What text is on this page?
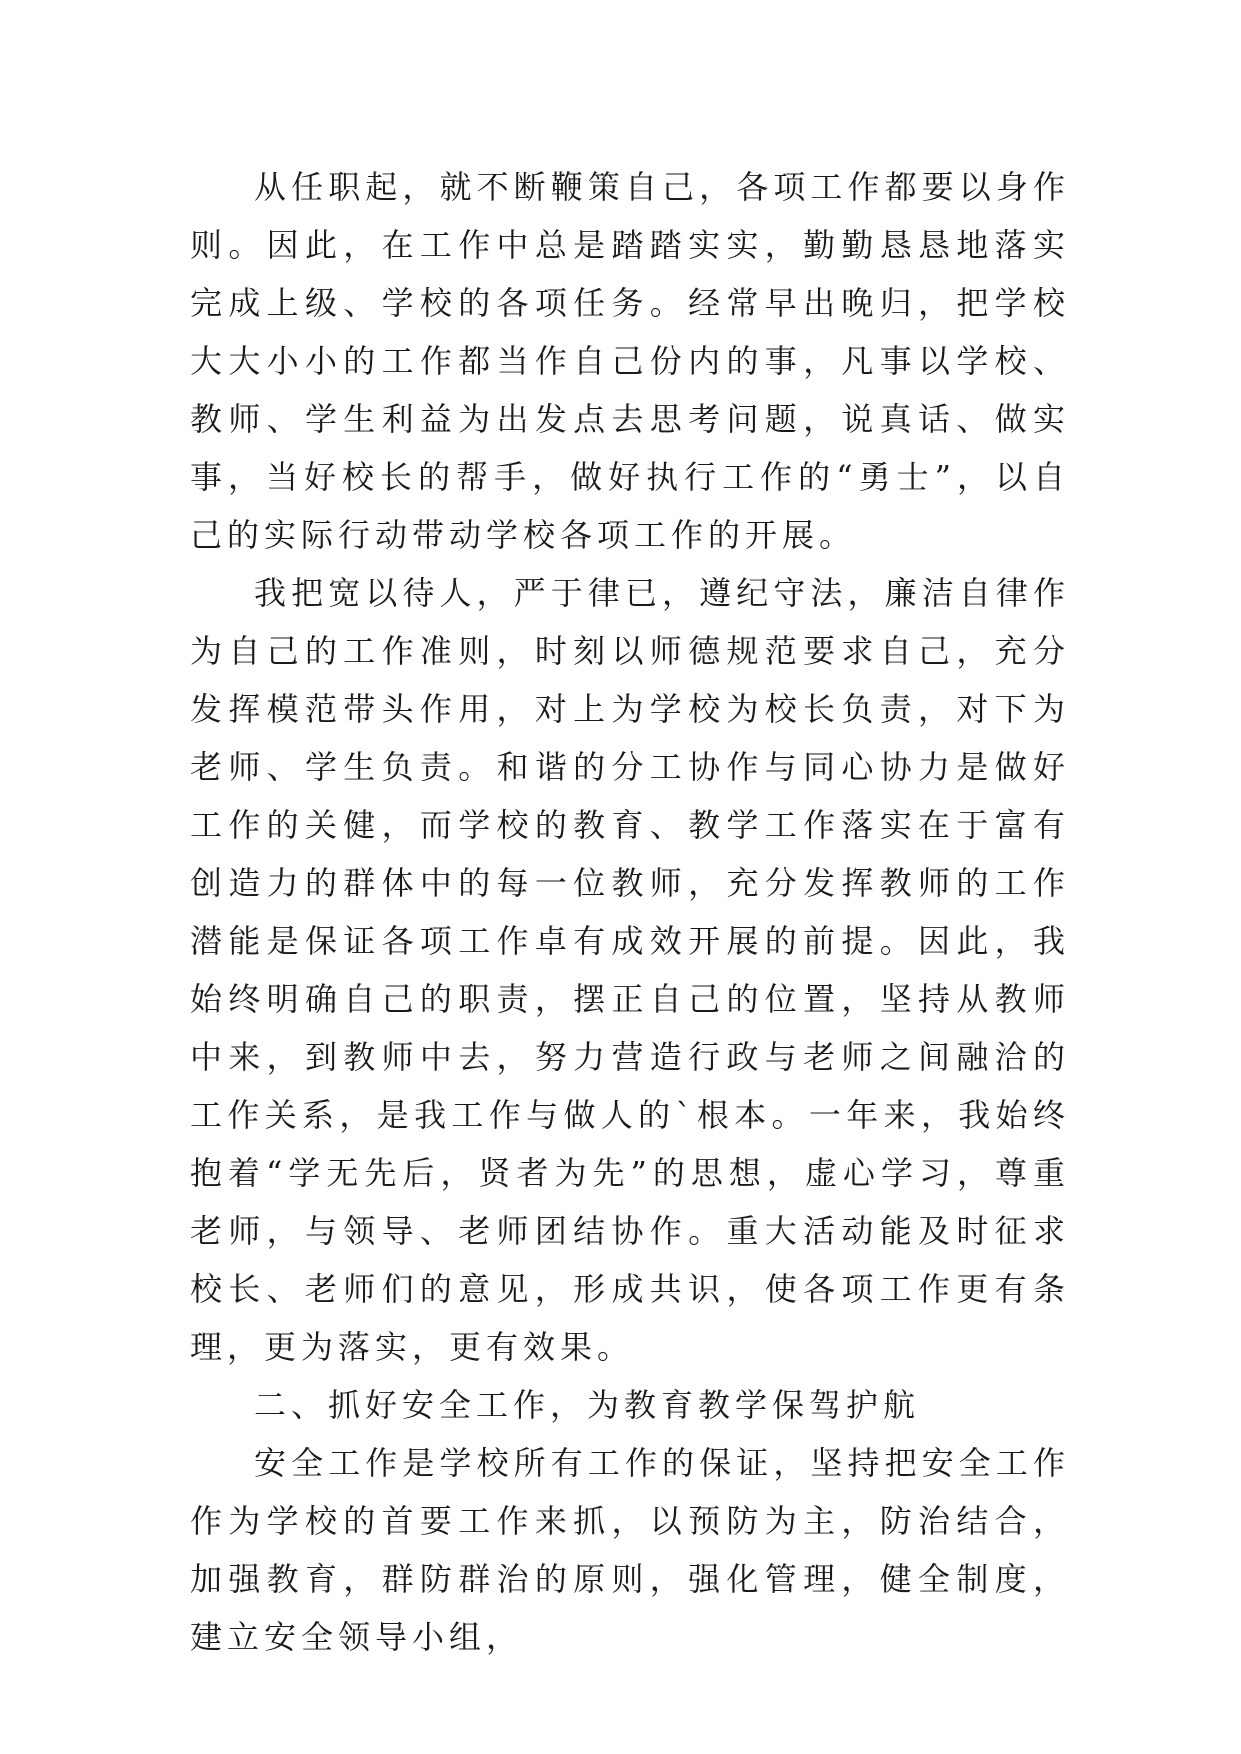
从任职起，就不断鞭策自己，各项工作都要以身作则。因此，在工作中总是踏踏实实，勤勤恳恳地落实完成上级、学校的各项任务。经常早出晚归，把学校大大小小的工作都当作自己份内的事，凡事以学校、教师、学生利益为出发点去思考问题，说真话、做实事，当好校长的帮手，做好执行工作的“勇士”，以自己的实际行动带动学校各项工作的开展。

我把宽以待人，严于律已，遵纪守法，廉洁自律作为自己的工作准则，时刻以师德规范要求自己，充分发挥模范带头作用，对上为学校为校长负责，对下为老师、学生负责。和谐的分工协作与同心协力是做好工作的关健，而学校的教育、教学工作落实在于富有创造力的群体中的每一位教师，充分发挥教师的工作潜能是保证各项工作卓有成效开展的前提。因此，我始终明确自己的职责，摆正自己的位置，坚持从教师中来，到教师中去，努力营造行政与老师之间融洽的工作关系，是我工作与做人的`根本。一年来，我始终抱着“学无先后，贤者为先”的思想，虚心学习，尊重老师，与领导、老师团结协作。重大活动能及时征求校长、老师们的意见，形成共识，使各项工作更有条理，更为落实，更有效果。

二、抓好安全工作，为教育教学保驾护航

安全工作是学校所有工作的保证，坚持把安全工作作为学校的首要工作来抓，以预防为主，防治结合，加强教育，群防群治的原则，强化管理，健全制度，建立安全领导小组，
